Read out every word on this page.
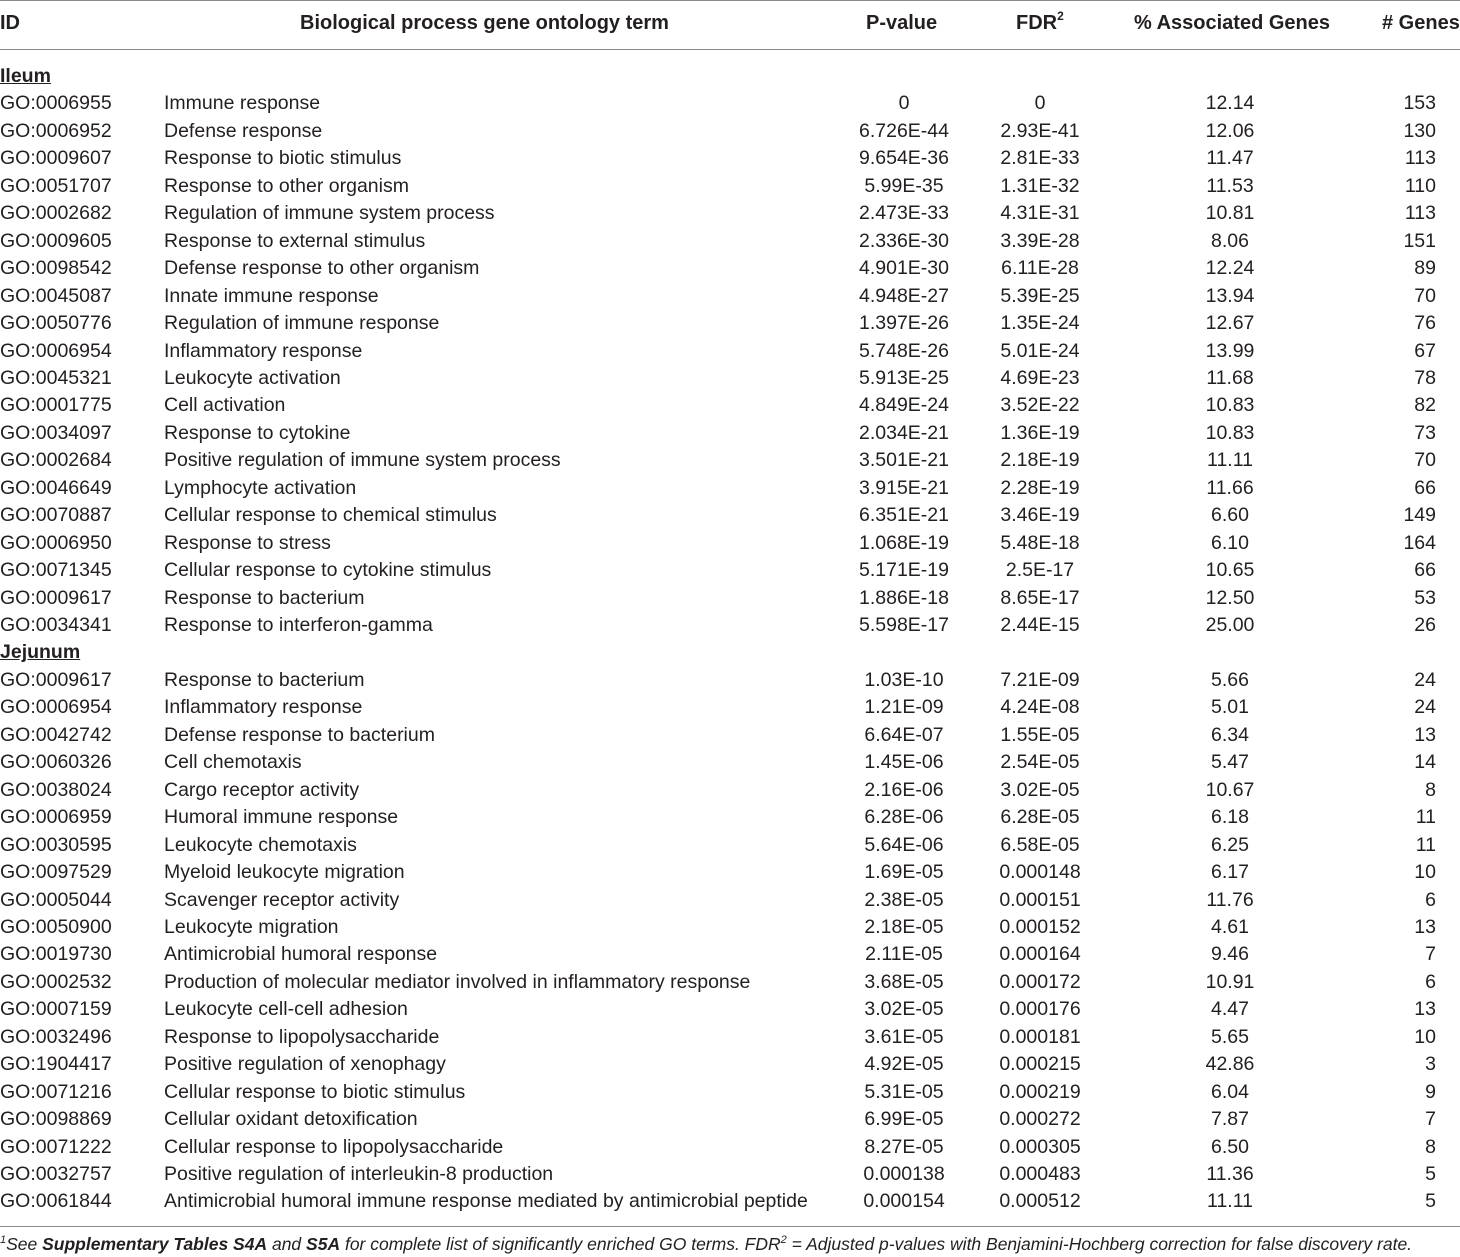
ID	Biological process gene ontology term	P-value	FDR$^2$	% Associated Genes	# Genes
Ileum
GO:0006955	Immune response	0	0	12.14	153
GO:0006952	Defense response	6.726E-44	2.93E-41	12.06	130
GO:0009607	Response to biotic stimulus	9.654E-36	2.81E-33	11.47	113
GO:0051707	Response to other organism	5.99E-35	1.31E-32	11.53	110
GO:0002682	Regulation of immune system process	2.473E-33	4.31E-31	10.81	113
GO:0009605	Response to external stimulus	2.336E-30	3.39E-28	8.06	151
GO:0098542	Defense response to other organism	4.901E-30	6.11E-28	12.24	89
GO:0045087	Innate immune response	4.948E-27	5.39E-25	13.94	70
GO:0050776	Regulation of immune response	1.397E-26	1.35E-24	12.67	76
GO:0006954	Inflammatory response	5.748E-26	5.01E-24	13.99	67
GO:0045321	Leukocyte activation	5.913E-25	4.69E-23	11.68	78
GO:0001775	Cell activation	4.849E-24	3.52E-22	10.83	82
GO:0034097	Response to cytokine	2.034E-21	1.36E-19	10.83	73
GO:0002684	Positive regulation of immune system process	3.501E-21	2.18E-19	11.11	70
GO:0046649	Lymphocyte activation	3.915E-21	2.28E-19	11.66	66
GO:0070887	Cellular response to chemical stimulus	6.351E-21	3.46E-19	6.60	149
GO:0006950	Response to stress	1.068E-19	5.48E-18	6.10	164
GO:0071345	Cellular response to cytokine stimulus	5.171E-19	2.5E-17	10.65	66
GO:0009617	Response to bacterium	1.886E-18	8.65E-17	12.50	53
GO:0034341	Response to interferon-gamma	5.598E-17	2.44E-15	25.00	26
Jejunum
GO:0009617	Response to bacterium	1.03E-10	7.21E-09	5.66	24
GO:0006954	Inflammatory response	1.21E-09	4.24E-08	5.01	24
GO:0042742	Defense response to bacterium	6.64E-07	1.55E-05	6.34	13
GO:0060326	Cell chemotaxis	1.45E-06	2.54E-05	5.47	14
GO:0038024	Cargo receptor activity	2.16E-06	3.02E-05	10.67	8
GO:0006959	Humoral immune response	6.28E-06	6.28E-05	6.18	11
GO:0030595	Leukocyte chemotaxis	5.64E-06	6.58E-05	6.25	11
GO:0097529	Myeloid leukocyte migration	1.69E-05	0.000148	6.17	10
GO:0005044	Scavenger receptor activity	2.38E-05	0.000151	11.76	6
GO:0050900	Leukocyte migration	2.18E-05	0.000152	4.61	13
GO:0019730	Antimicrobial humoral response	2.11E-05	0.000164	9.46	7
GO:0002532	Production of molecular mediator involved in inflammatory response	3.68E-05	0.000172	10.91	6
GO:0007159	Leukocyte cell-cell adhesion	3.02E-05	0.000176	4.47	13
GO:0032496	Response to lipopolysaccharide	3.61E-05	0.000181	5.65	10
GO:1904417	Positive regulation of xenophagy	4.92E-05	0.000215	42.86	3
GO:0071216	Cellular response to biotic stimulus	5.31E-05	0.000219	6.04	9
GO:0098869	Cellular oxidant detoxification	6.99E-05	0.000272	7.87	7
GO:0071222	Cellular response to lipopolysaccharide	8.27E-05	0.000305	6.50	8
GO:0032757	Positive regulation of interleukin-8 production	0.000138	0.000483	11.36	5
GO:0061844	Antimicrobial humoral immune response mediated by antimicrobial peptide	0.000154	0.000512	11.11	5
$^1$See Supplementary Tables S4A and S5A for complete list of significantly enriched GO terms. $FDR^2$ = Adjusted p-values with Benjamini-Hochberg correction for false discovery rate.
